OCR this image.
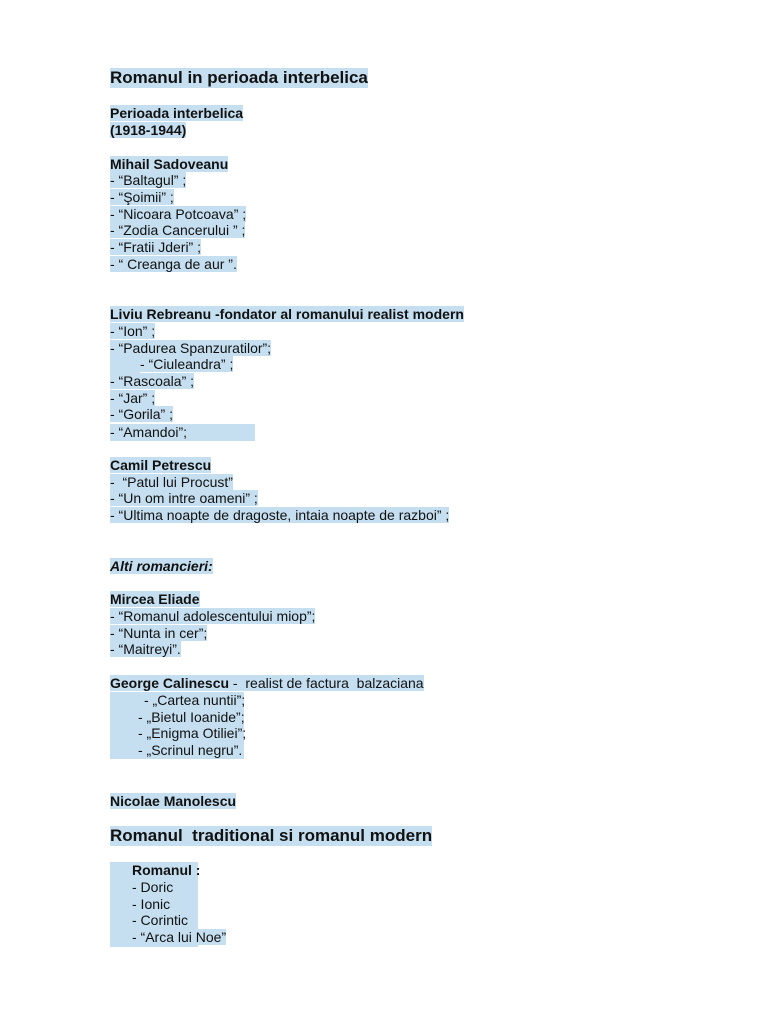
Romanul in perioada interbelica
Perioada interbelica
(1918-1944)
Mihail Sadoveanu
- “Baltagul” ;
- “Şoimii” ;
- “Nicoara Potcoava” ;
- “Zodia Cancerului ” ;
- “Fratii Jderi” ;
- “ Creanga de aur ”.
Liviu Rebreanu -fondator al romanului realist modern
- “Ion” ;
- “Padurea Spanzuratilor”;
- “Ciuleandra” ;
- “Rascoala” ;
- “Jar” ;
- “Gorila” ;
- “Amandoi”;
Camil Petrescu
-  “Patul lui Procust”
- “Un om intre oameni” ;
- “Ultima noapte de dragoste, intaia noapte de razboi” ;
Alti romancieri:
Mircea Eliade
- “Romanul adolescentului miop”;
- “Nunta in cer”;
- “Maitreyi”.
George Calinescu -  realist de factura  balzaciana
- „Cartea nuntii”;
- „Bietul Ioanide”;
- „Enigma Otiliei”;
- „Scrinul negru”.
Nicolae Manolescu
Romanul  traditional si romanul modern
Romanul :
- Doric
- Ionic
- Corintic
- “Arca lui Noe”
